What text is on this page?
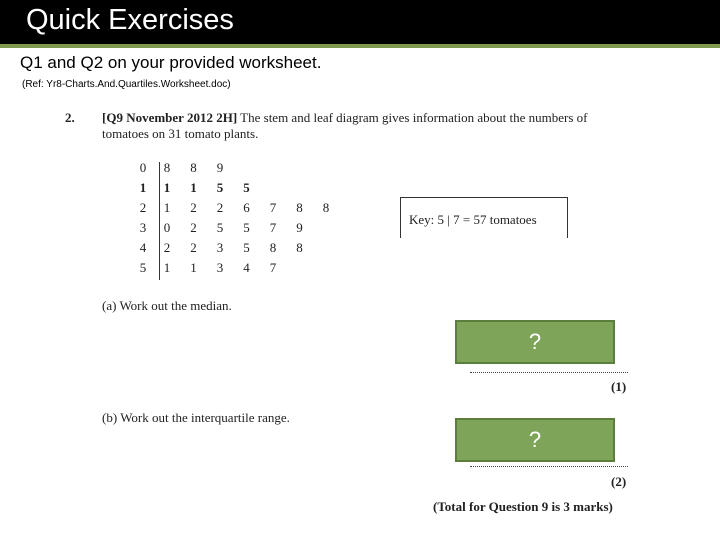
Quick Exercises
Q1 and Q2 on your provided worksheet.
(Ref: Yr8-Charts.And.Quartiles.Worksheet.doc)
2. [Q9 November 2012 2H] The stem and leaf diagram gives information about the numbers of
tomatoes on 31 tomato plants.
0	8	8	9
1	1	1	5	5
2	1	2	2	6	7	8	8
3	0	2	5	5	7	9
4	2	2	3	5	8	8
5	1	1	3	4	7
Key: 5 | 7 = 57 tomatoes
(a) Work out the median.
?
(1)
(b) Work out the interquartile range.
?
(2)
(Total for Question 9 is 3 marks)
